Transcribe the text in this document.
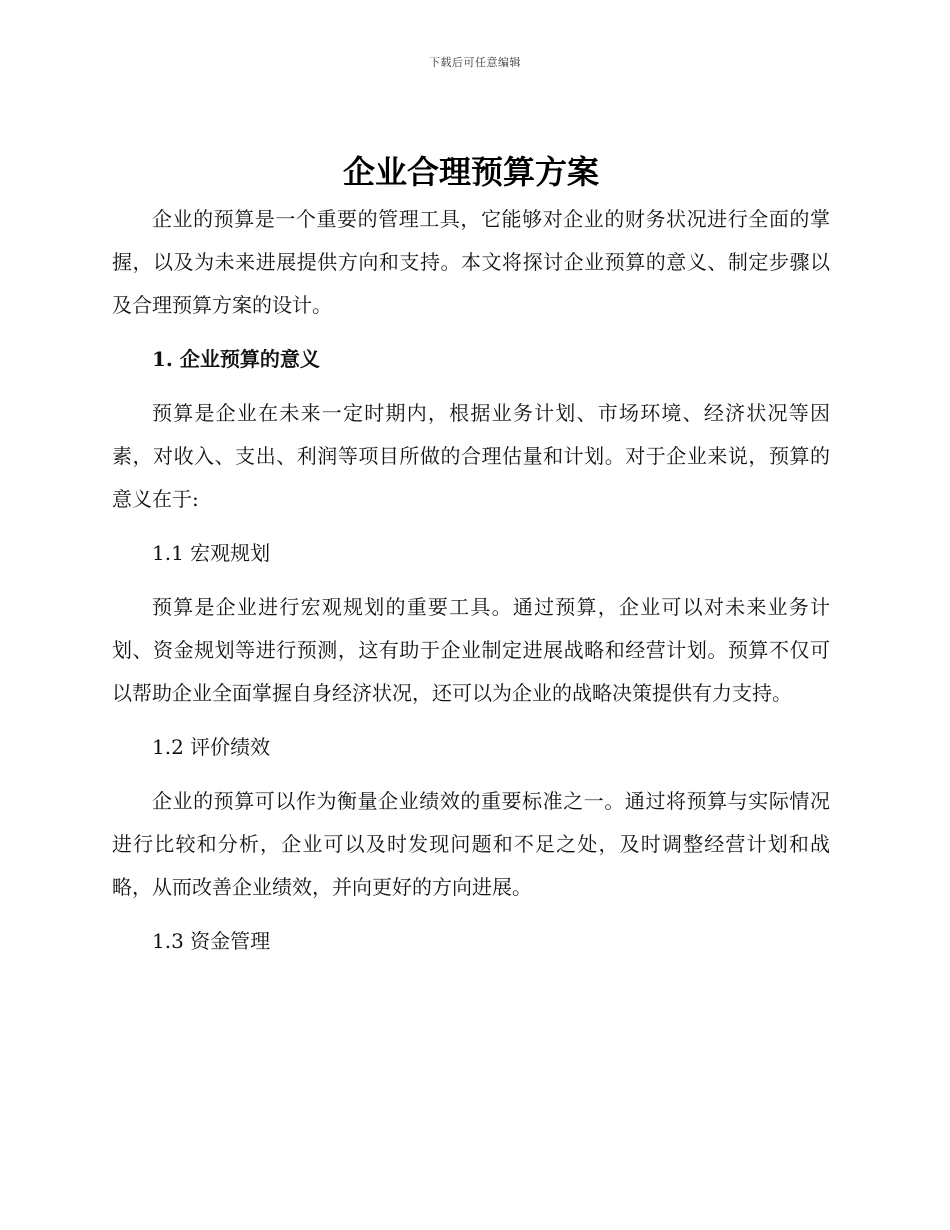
下载后可任意编辑
企业合理预算方案

企业的预算是一个重要的管理工具，它能够对企业的财务状况进行全面的掌握，以及为未来进展提供方向和支持。本文将探讨企业预算的意义、制定步骤以及合理预算方案的设计。

1. 企业预算的意义

预算是企业在未来一定时期内，根据业务计划、市场环境、经济状况等因素，对收入、支出、利润等项目所做的合理估量和计划。对于企业来说，预算的意义在于:

1.1 宏观规划

预算是企业进行宏观规划的重要工具。通过预算，企业可以对未来业务计划、资金规划等进行预测，这有助于企业制定进展战略和经营计划。预算不仅可以帮助企业全面掌握自身经济状况，还可以为企业的战略决策提供有力支持。

1.2 评价绩效

企业的预算可以作为衡量企业绩效的重要标准之一。通过将预算与实际情况进行比较和分析，企业可以及时发现问题和不足之处，及时调整经营计划和战略，从而改善企业绩效，并向更好的方向进展。

1.3 资金管理
